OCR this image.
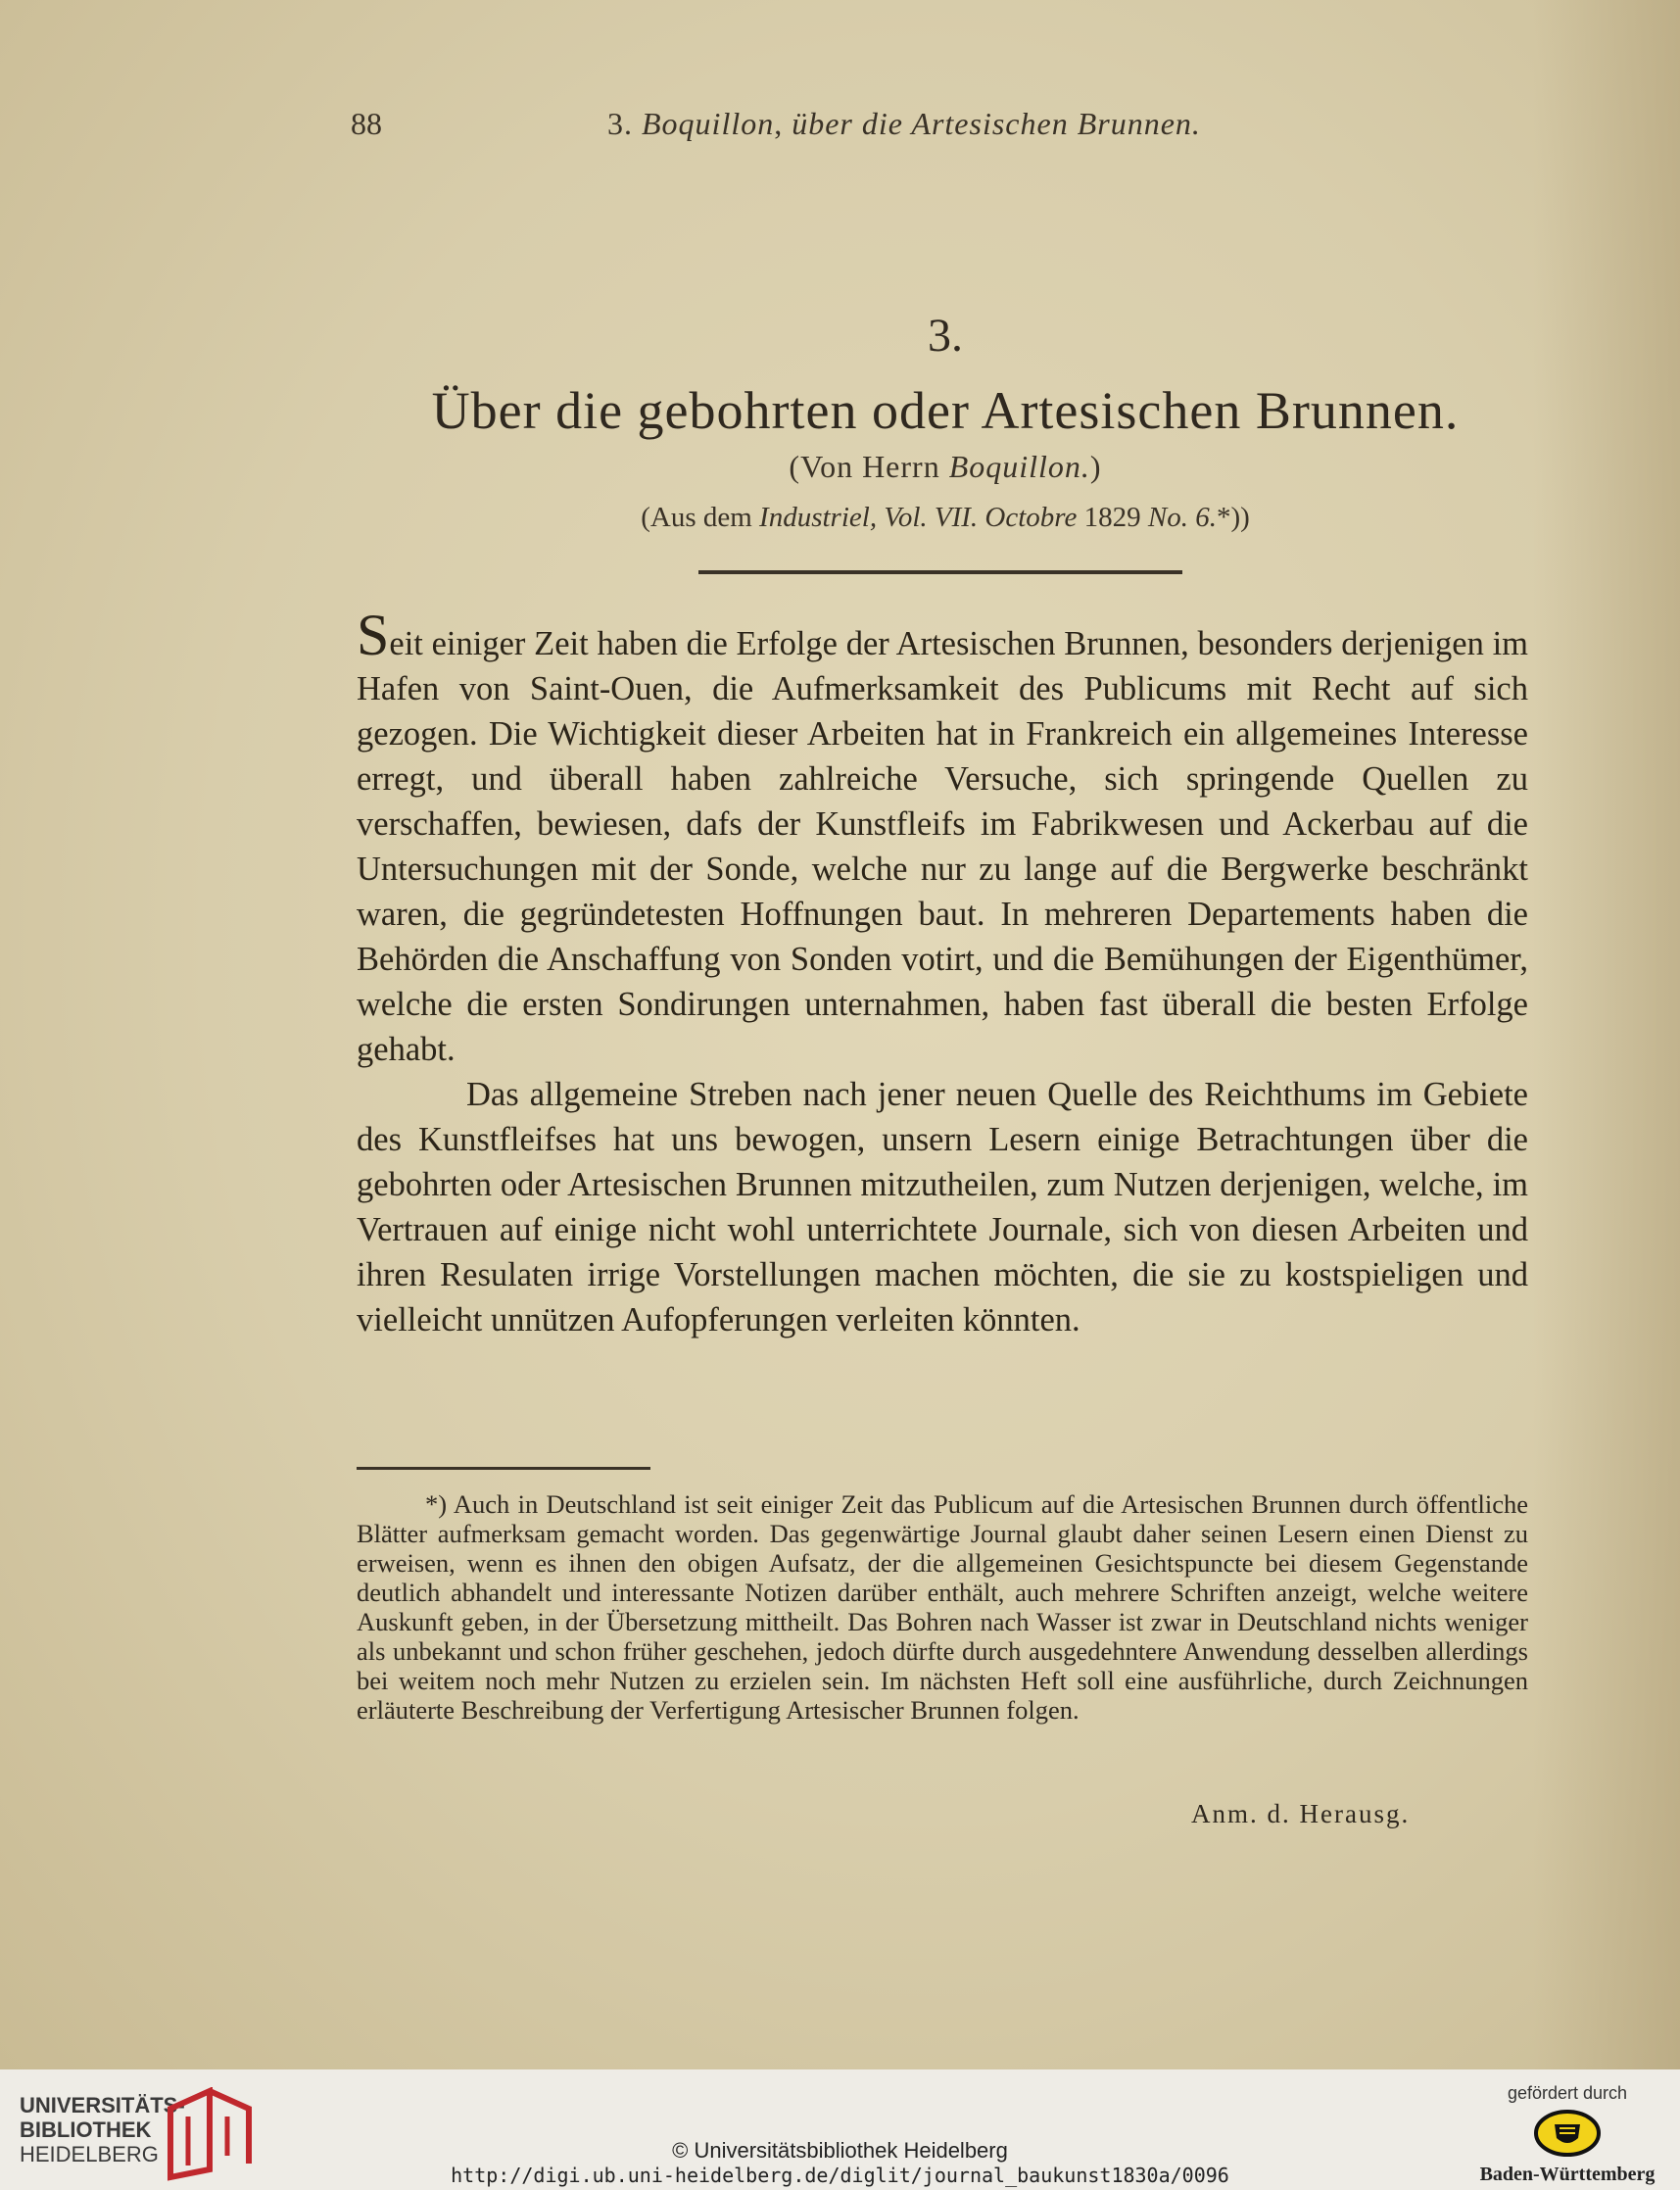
88	3. Boquillon, über die Artesischen Brunnen.
3.
Über die gebohrten oder Artesischen Brunnen.
(Von Herrn Boquillon.)
(Aus dem Industriel, Vol. VII. Octobre 1829 No. 6.*))

Seit einiger Zeit haben die Erfolge der Artesischen Brunnen, besonders derjenigen im Hafen von Saint-Ouen, die Aufmerksamkeit des Publicums mit Recht auf sich gezogen. Die Wichtigkeit dieser Arbeiten hat in Frankreich ein allgemeines Interesse erregt, und überall haben zahlreiche Versuche, sich springende Quellen zu verschaffen, bewiesen, dafs der Kunstfleifs im Fabrikwesen und Ackerbau auf die Untersuchungen mit der Sonde, welche nur zu lange auf die Bergwerke beschränkt waren, die gegründetesten Hoffnungen baut. In mehreren Departements haben die Behörden die Anschaffung von Sonden votirt, und die Bemühungen der Eigenthümer, welche die ersten Sondirungen unternahmen, haben fast überall die besten Erfolge gehabt.

Das allgemeine Streben nach jener neuen Quelle des Reichthums im Gebiete des Kunstfleifses hat uns bewogen, unsern Lesern einige Betrachtungen über die gebohrten oder Artesischen Brunnen mitzutheilen, zum Nutzen derjenigen, welche, im Vertrauen auf einige nicht wohl unterrichtete Journale, sich von diesen Arbeiten und ihren Resulaten irrige Vorstellungen machen möchten, die sie zu kostspieligen und vielleicht unnützen Aufopferungen verleiten könnten.

*) Auch in Deutschland ist seit einiger Zeit das Publicum auf die Artesischen Brunnen durch öffentliche Blätter aufmerksam gemacht worden. Das gegenwärtige Journal glaubt daher seinen Lesern einen Dienst zu erweisen, wenn es ihnen den obigen Aufsatz, der die allgemeinen Gesichtspuncte bei diesem Gegenstande deutlich abhandelt und interessante Notizen darüber enthält, auch mehrere Schriften anzeigt, welche weitere Auskunft geben, in der Übersetzung mittheilt. Das Bohren nach Wasser ist zwar in Deutschland nichts weniger als unbekannt und schon früher geschehen, jedoch dürfte durch ausgedehntere Anwendung desselben allerdings bei weitem noch mehr Nutzen zu erzielen sein. Im nächsten Heft soll eine ausführliche, durch Zeichnungen erläuterte Beschreibung der Verfertigung Artesischer Brunnen folgen.
Anm. d. Herausg.
UNIVERSITÄTS-
BIBLIOTHEK
HEIDELBERG	© Universitätsbibliothek Heidelberg
http://digi.ub.uni-heidelberg.de/diglit/journal_baukunst1830a/0096
gefördert durch
Baden-Württemberg
